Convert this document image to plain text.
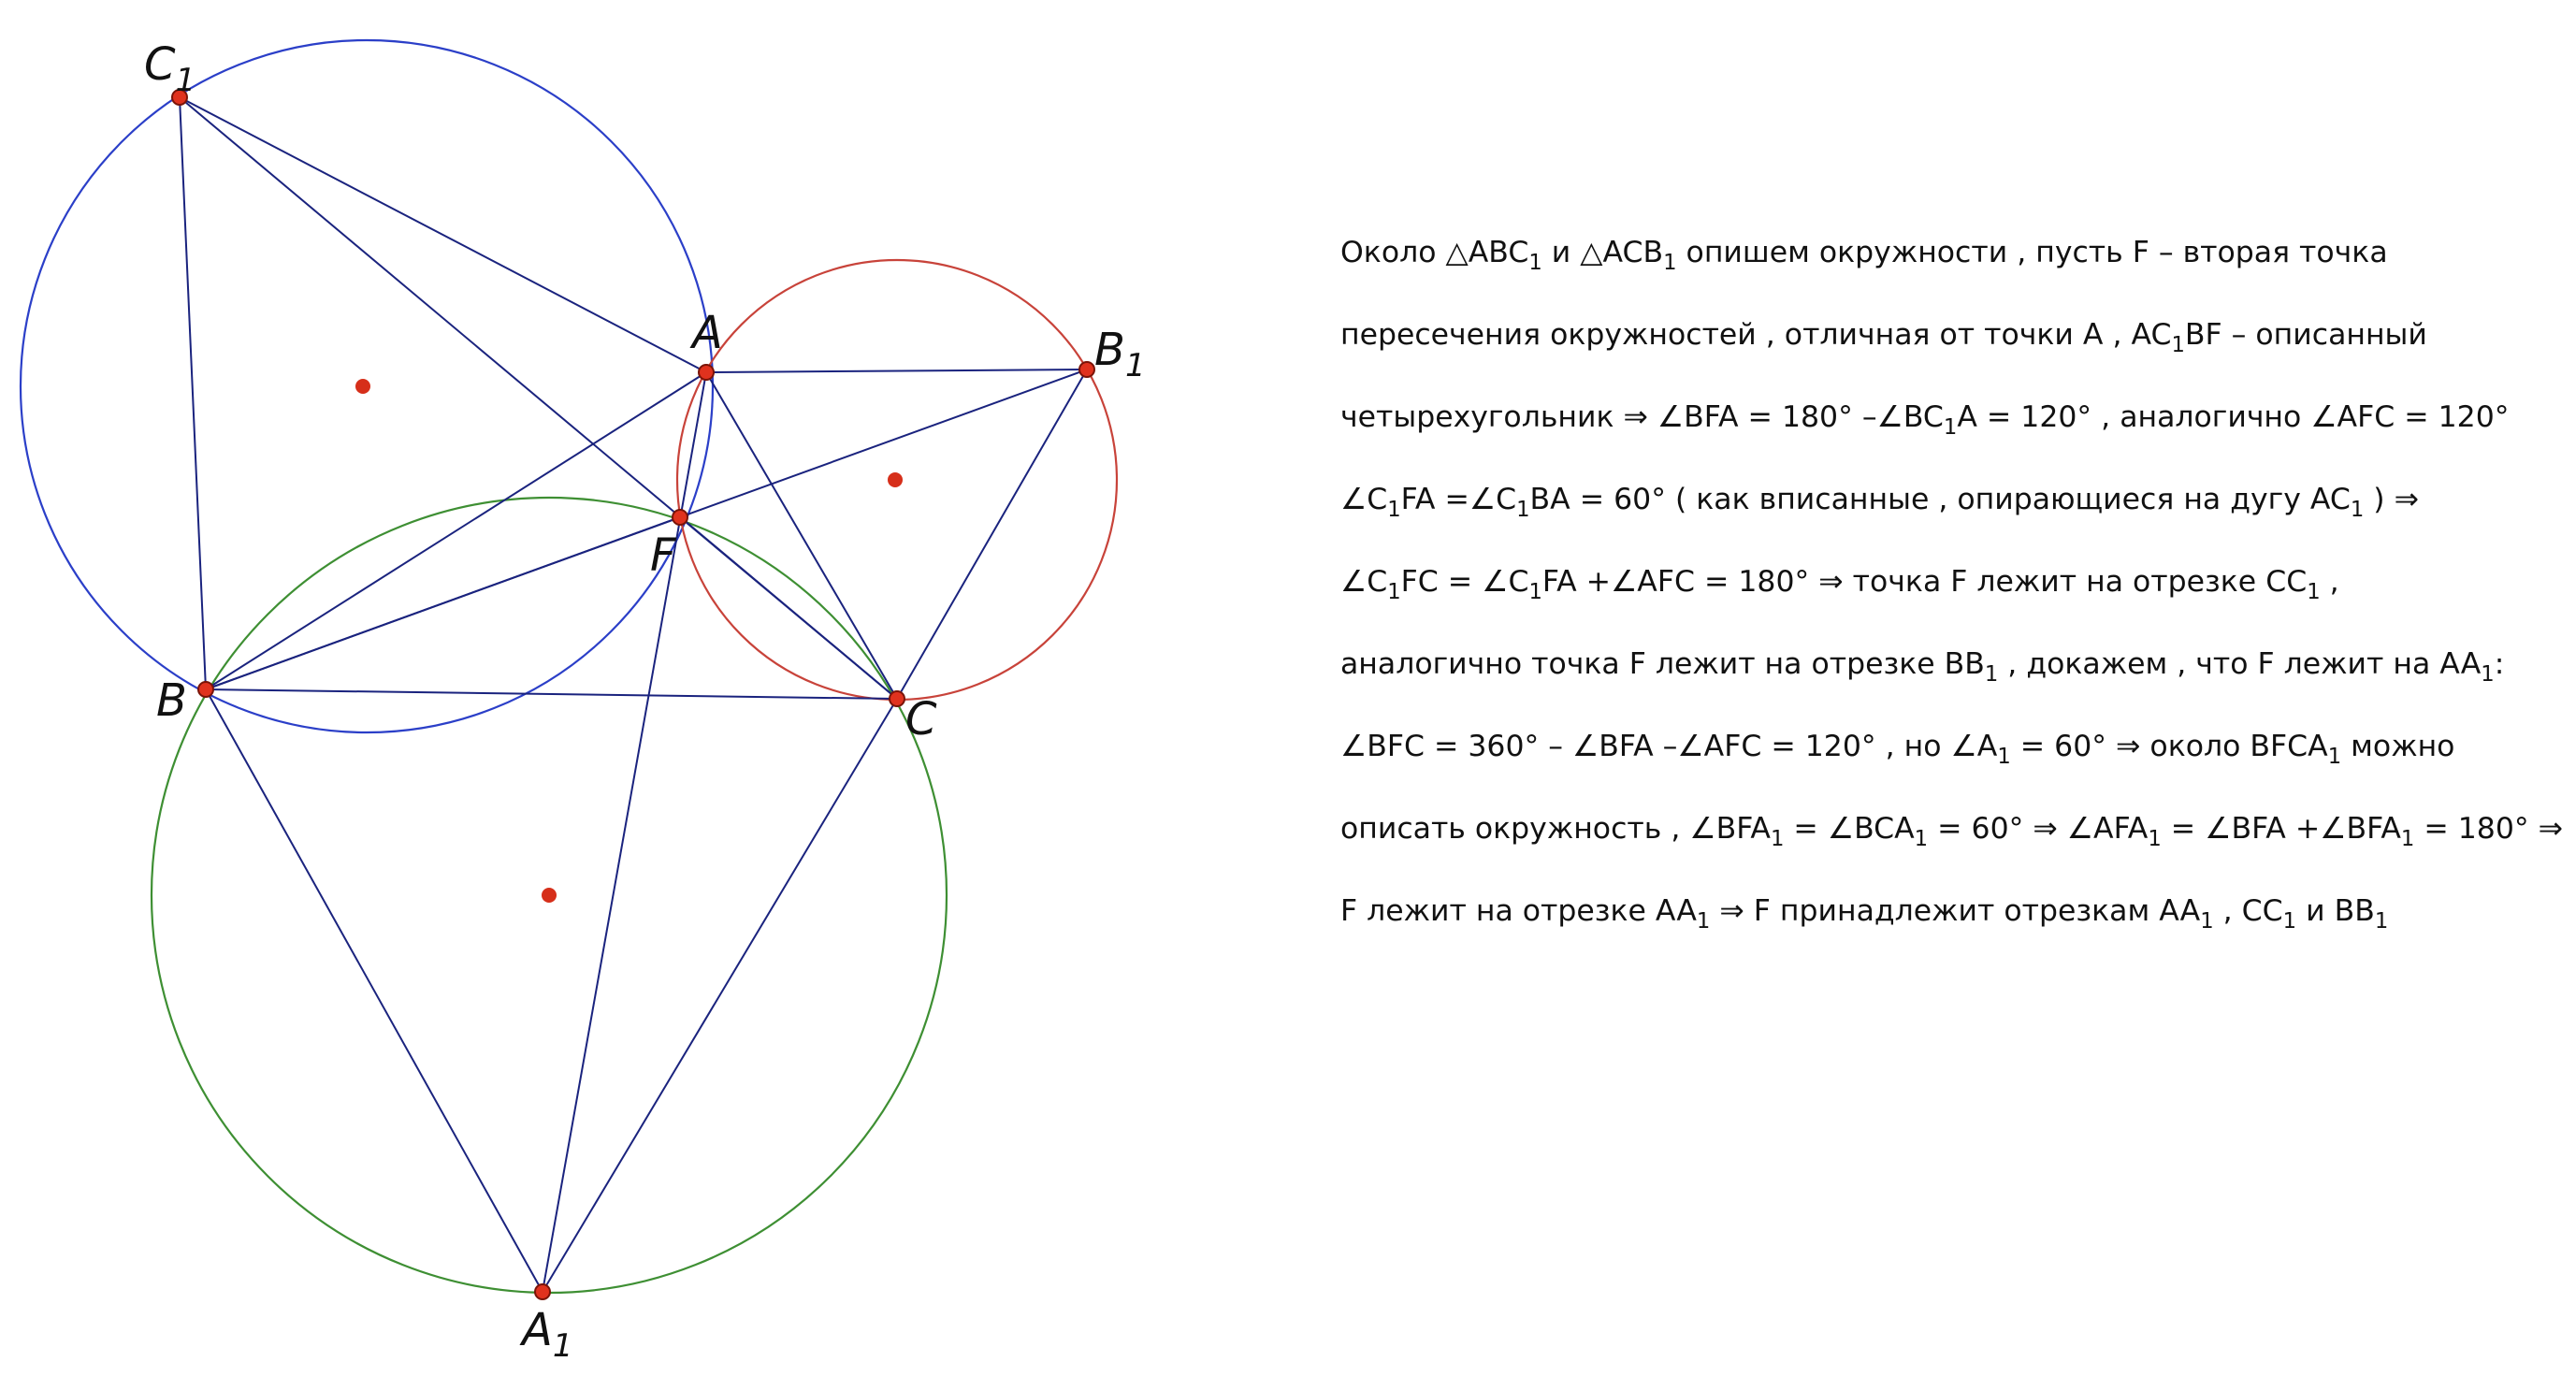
$C_1$
A	$B_1$
F
B	C
$A_1$
Около $\triangle ABC_1$ и $\triangle ACB_1$ опишем окружности , пусть F – вторая точка
пересечения окружностей , отличная от точки A , $AC_1BF$ – описанный
четырехугольник ⇒ ∠BFA = 180° $-\angle BC_1A = 120^\circ$ , аналогично ∠AFC = 120°
$\angle C_1FA$ $=\angle C_1BA = 60^\circ$ ( как вписанные , опирающиеся на дугу $AC_1$ ) ⇒
$\angle C_1FC$ = $\angle C_1FA$ +∠AFC = 180° ⇒ точка F лежит на отрезке $CC_1$ ,
аналогично точка F лежит на отрезке $BB_1$ , докажем , что F лежит на $AA_1$:
∠BFC = 360° – ∠BFA –∠AFC = 120° , но $\angle A_1 = 60^\circ$ ⇒ около $BFCA_1$ можно
описать окружность , $\angle BFA_1$ = $\angle BCA_1 = 60^\circ$ ⇒ $\angle AFA_1$ = ∠BFA $+\angle BFA_1 = 180^\circ$ ⇒
F лежит на отрезке $AA_1$ ⇒ F принадлежит отрезкам $AA_1$ , $CC_1$ и $BB_1$
